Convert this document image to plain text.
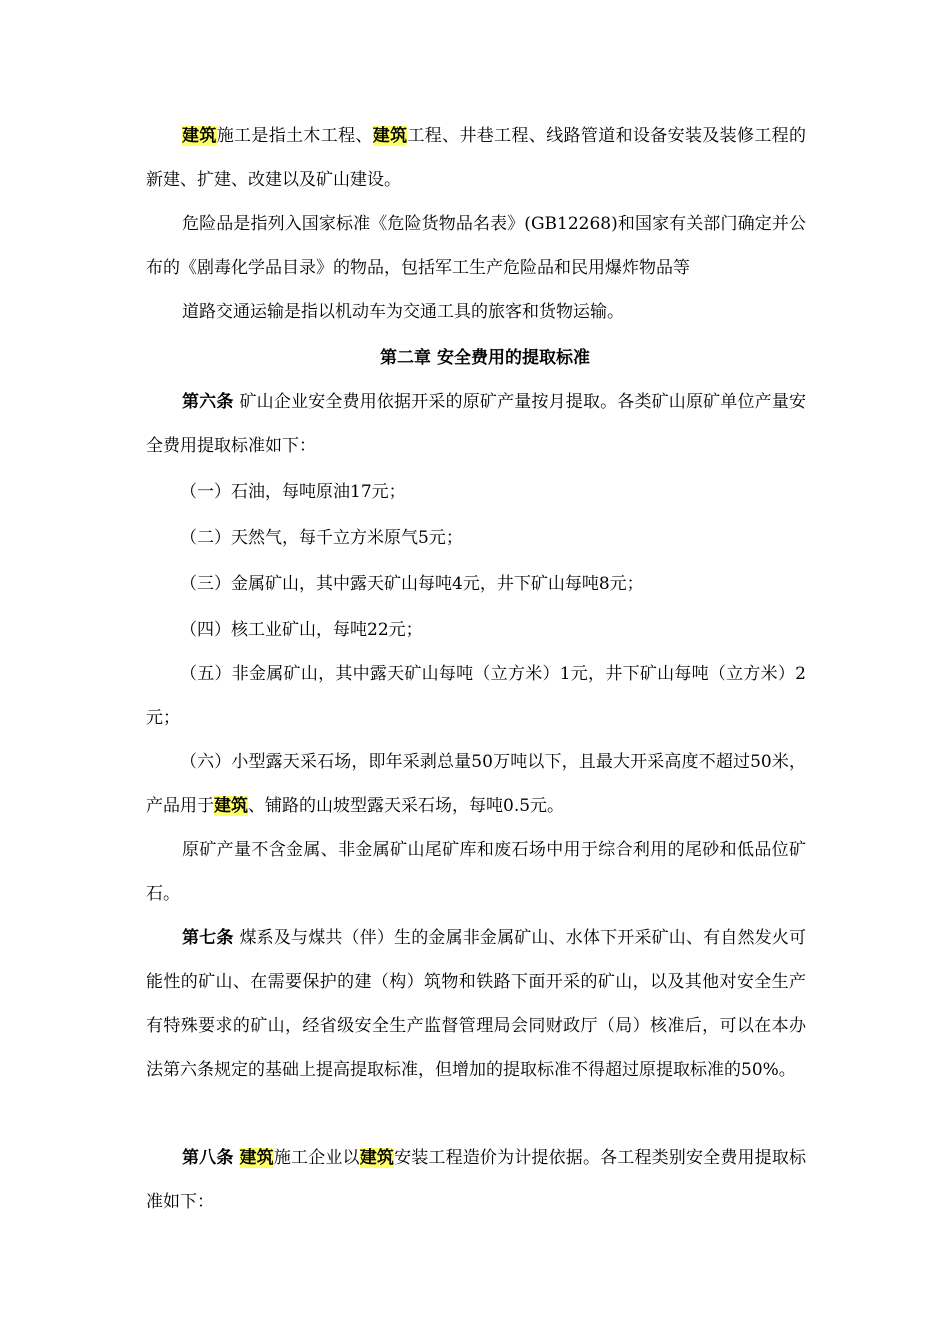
建筑施工是指土木工程、建筑工程、井巷工程、线路管道和设备安装及装修工程的新建、扩建、改建以及矿山建设。

危险品是指列入国家标准《危险货物品名表》(GB12268)和国家有关部门确定并公布的《剧毒化学品目录》的物品，包括军工生产危险品和民用爆炸物品等

道路交通运输是指以机动车为交通工具的旅客和货物运输。

第二章 安全费用的提取标准

第六条 矿山企业安全费用依据开采的原矿产量按月提取。各类矿山原矿单位产量安全费用提取标准如下：

（一）石油，每吨原油17元；

（二）天然气，每千立方米原气5元；

（三）金属矿山，其中露天矿山每吨4元，井下矿山每吨8元；

（四）核工业矿山，每吨22元；

（五）非金属矿山，其中露天矿山每吨（立方米）1元，井下矿山每吨（立方米）2元；

（六）小型露天采石场，即年采剥总量50万吨以下，且最大开采高度不超过50米，产品用于建筑、铺路的山坡型露天采石场，每吨0.5元。

原矿产量不含金属、非金属矿山尾矿库和废石场中用于综合利用的尾砂和低品位矿石。

第七条 煤系及与煤共（伴）生的金属非金属矿山、水体下开采矿山、有自然发火可能性的矿山、在需要保护的建（构）筑物和铁路下面开采的矿山，以及其他对安全生产有特殊要求的矿山，经省级安全生产监督管理局会同财政厅（局）核准后，可以在本办法第六条规定的基础上提高提取标准，但增加的提取标准不得超过原提取标准的50%。

第八条 建筑施工企业以建筑安装工程造价为计提依据。各工程类别安全费用提取标准如下：
